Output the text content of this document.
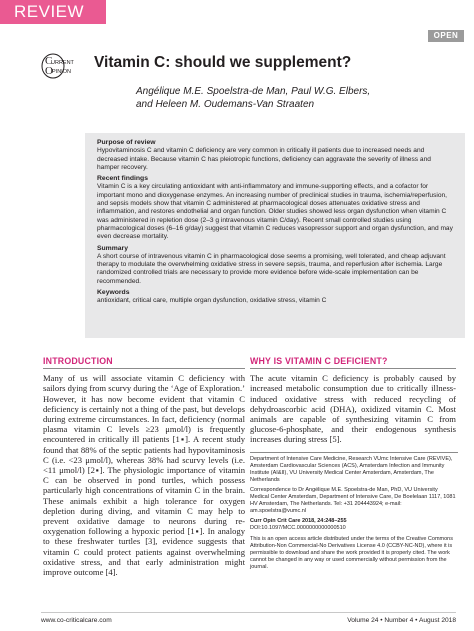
REVIEW
OPEN
C
URRENT
O PINION
Vitamin C: should we supplement?
Angélique M.E. Spoelstra-de Man, Paul W.G. Elbers,
and Heleen M. Oudemans-Van Straaten
Purpose of review

Hypovitaminosis C and vitamin C deficiency are very common in critically ill patients due to increased needs and decreased intake. Because vitamin C has pleiotropic functions, deficiency can aggravate the severity of illness and hamper recovery.

Recent findings

Vitamin C is a key circulating antioxidant with anti-inflammatory and immune-supporting effects, and a cofactor for important mono and dioxygenase enzymes. An increasing number of preclinical studies in trauma, ischemia/reperfusion, and sepsis models show that vitamin C administered at pharmacological doses attenuates oxidative stress and inflammation, and restores endothelial and organ function. Older studies showed less organ dysfunction when vitamin C was administered in repletion dose (2–3 g intravenous vitamin C/day). Recent small controlled studies using pharmacological doses (6–16 g/day) suggest that vitamin C reduces vasopressor support and organ dysfunction, and may even decrease mortality.

Summary

A short course of intravenous vitamin C in pharmacological dose seems a promising, well tolerated, and cheap adjuvant therapy to modulate the overwhelming oxidative stress in severe sepsis, trauma, and reperfusion after ischemia. Large randomized controlled trials are necessary to provide more evidence before wide-scale implementation can be recommended.

Keywords

antioxidant, critical care, multiple organ dysfunction, oxidative stress, vitamin C

INTRODUCTION

Many of us will associate vitamin C deficiency with sailors dying from scurvy during the ‘Age of Exploration.’ However, it has now become evident that vitamin C deficiency is certainly not a thing of the past, but develops during extreme circumstances. In fact, deficiency (normal plasma vitamin C levels ≥23 μmol/l) is frequently encountered in critically ill patients [1▪]. A recent study found that 88% of the septic patients had hypovitaminosis C (i.e. <23 μmol/l), whereas 38% had scurvy levels (i.e. <11 μmol/l) [2▪]. The physiologic importance of vitamin C can be observed in pond turtles, which possess particularly high concentrations of vitamin C in the brain. These animals exhibit a high tolerance for oxygen depletion during diving, and vitamin C may help to prevent oxidative damage to neurons during re-oxygenation following a hypoxic period [1▪]. In analogy to these freshwater turtles [3], evidence suggests that vitamin C could protect patients against overwhelming oxidative stress, and that early administration might improve outcome [4].

WHY IS VITAMIN C DEFICIENT?

The acute vitamin C deficiency is probably caused by increased metabolic consumption due to critically illness-induced oxidative stress with reduced recycling of dehydroascorbic acid (DHA), oxidized vitamin C. Most animals are capable of synthesizing vitamin C from glucose-6-phosphate, and their endogenous synthesis increases during stress [5].

Department of Intensive Care Medicine, Research VUmc Intensive Care (REVIVE), Amsterdam Cardiovascular Sciences (ACS), Amsterdam Infection and Immunity Institute (AI&II), VU University Medical Center Amsterdam, Amsterdam, The Netherlands

Correspondence to Dr Angélique M.E. Spoelstra-de Man, PhD, VU University Medical Center Amsterdam, Department of Intensive Care, De Boelelaan 1117, 1081 HV Amsterdam, The Netherlands. Tel: +31 204443924; e-mail: am.spoelstra@vumc.nl

Curr Opin Crit Care 2018, 24:248–255

DOI:10.1097/MCC.0000000000000510

This is an open access article distributed under the terms of the Creative Commons Attribution-Non Commercial-No Derivatives License 4.0 (CCBY-NC-ND), where it is permissible to download and share the work provided it is properly cited. The work cannot be changed in any way or used commercially without permission from the journal.

www.co-criticalcare.com	Volume 24 • Number 4 • August 2018
